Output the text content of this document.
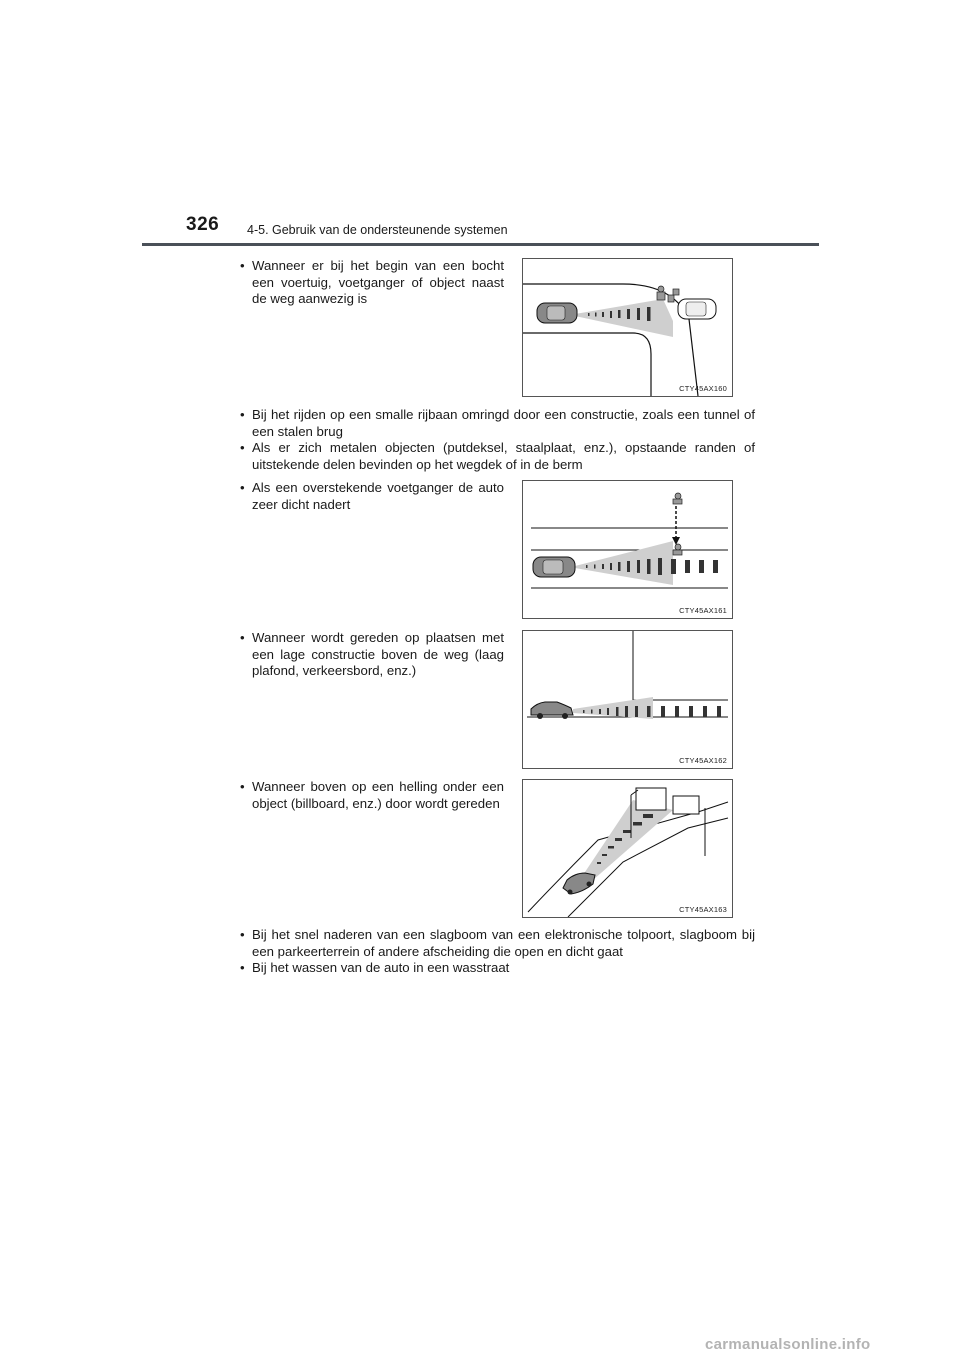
326 4-5. Gebruik van de ondersteunende systemen

• Wanneer er bij het begin van een bocht een voertuig, voetganger of object naast de weg aanwezig is

CTY45AX160

• Bij het rijden op een smalle rijbaan omringd door een constructie, zoals een tunnel of een stalen brug

• Als er zich metalen objecten (putdeksel, staalplaat, enz.), opstaande randen of uitstekende delen bevinden op het wegdek of in de berm

• Als een overstekende voetganger de auto zeer dicht nadert

CTY45AX161

• Wanneer wordt gereden op plaatsen met een lage constructie boven de weg (laag plafond, verkeersbord, enz.)

CTY45AX162

• Wanneer boven op een helling onder een object (billboard, enz.) door wordt gereden

CTY45AX163

• Bij het snel naderen van een slagboom van een elektronische tolpoort, slagboom bij een parkeerterrein of andere afscheiding die open en dicht gaat

• Bij het wassen van de auto in een wasstraat

carmanualsonline.info
